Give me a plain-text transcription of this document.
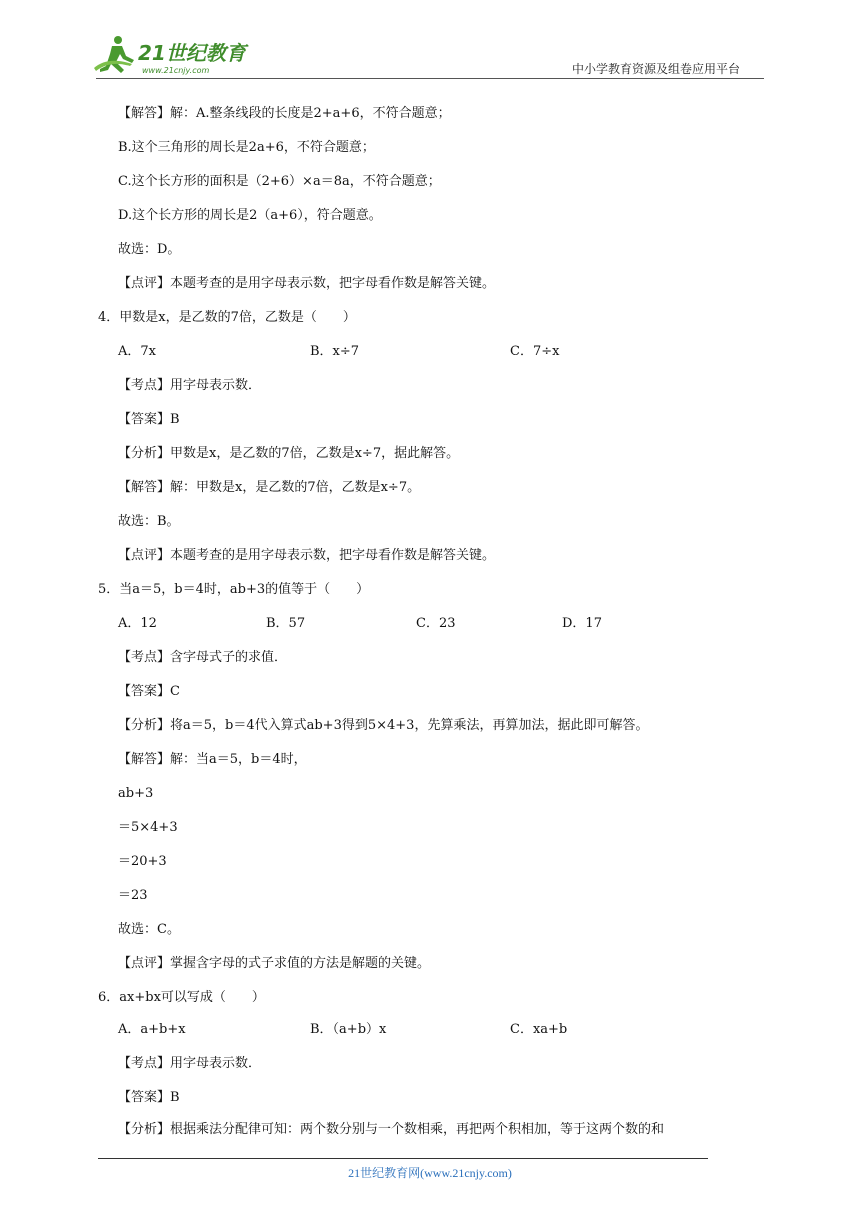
21世纪教育
www.21cnjy.com	中小学教育资源及组卷应用平台
【解答】解：A.整条线段的长度是2+a+6，不符合题意；
B.这个三角形的周长是2a+6，不符合题意；
C.这个长方形的面积是（2+6）×a＝8a，不符合题意；
D.这个长方形的周长是2（a+6），符合题意。
故选：D。
【点评】本题考查的是用字母表示数，把字母看作数是解答关键。
4．甲数是x，是乙数的7倍，乙数是（　　）
A．7x	B．x÷7	C．7÷x
【考点】用字母表示数．
【答案】B
【分析】甲数是x，是乙数的7倍，乙数是x÷7，据此解答。
【解答】解：甲数是x，是乙数的7倍，乙数是x÷7。
故选：B。
【点评】本题考查的是用字母表示数，把字母看作数是解答关键。
5．当a＝5，b＝4时，ab+3的值等于（　　）
A．12	B．57	C．23	D．17
【考点】含字母式子的求值．
【答案】C
【分析】将a＝5，b＝4代入算式ab+3得到5×4+3，先算乘法，再算加法，据此即可解答。
【解答】解：当a＝5，b＝4时，
ab+3
＝5×4+3
＝20+3
＝23
故选：C。
【点评】掌握含字母的式子求值的方法是解题的关键。
6．ax+bx可以写成（　　）
A．a+b+x	B．（a+b）x	C．xa+b
【考点】用字母表示数．
【答案】B
【分析】根据乘法分配律可知：两个数分别与一个数相乘，再把两个积相加，等于这两个数的和
21世纪教育网(www.21cnjy.com)
